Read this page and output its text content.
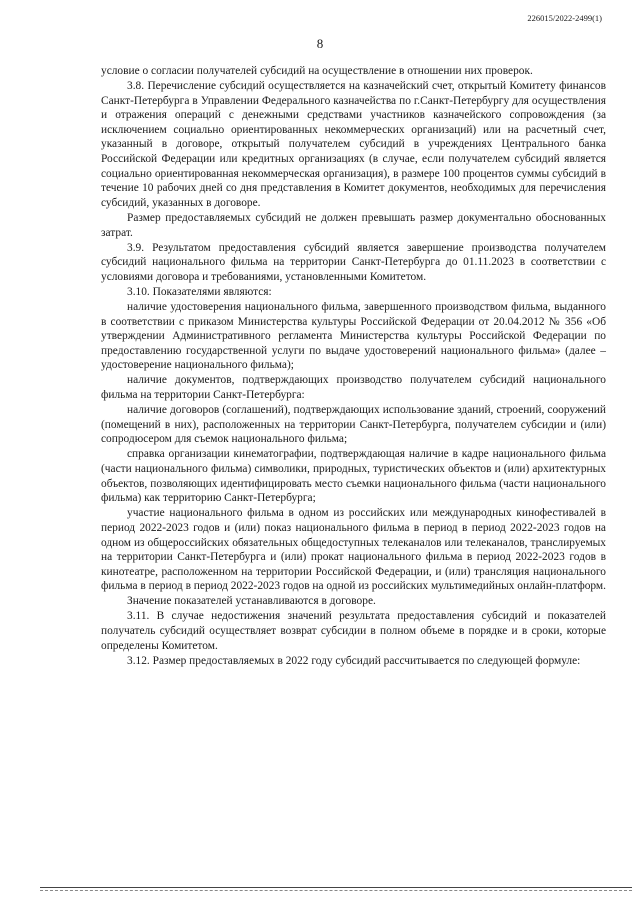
226015/2022-2499(1)
8

условие о согласии получателей субсидий на осуществление в отношении них проверок.

3.8. Перечисление субсидий осуществляется на казначейский счет, открытый Комитету финансов Санкт-Петербурга в Управлении Федерального казначейства по г.Санкт-Петербургу для осуществления и отражения операций с денежными средствами участников казначейского сопровождения (за исключением социально ориентированных некоммерческих организаций) или на расчетный счет, указанный в договоре, открытый получателем субсидий в учреждениях Центрального банка Российской Федерации или кредитных организациях (в случае, если получателем субсидий является социально ориентированная некоммерческая организация), в размере 100 процентов суммы субсидий в течение 10 рабочих дней со дня представления в Комитет документов, необходимых для перечисления субсидий, указанных в договоре.

Размер предоставляемых субсидий не должен превышать размер документально обоснованных затрат.

3.9. Результатом предоставления субсидий является завершение производства получателем субсидий национального фильма на территории Санкт-Петербурга до 01.11.2023 в соответствии с условиями договора и требованиями, установленными Комитетом.

3.10. Показателями являются:

наличие удостоверения национального фильма, завершенного производством фильма, выданного в соответствии с приказом Министерства культуры Российской Федерации от 20.04.2012 № 356 «Об утверждении Административного регламента Министерства культуры Российской Федерации по предоставлению государственной услуги по выдаче удостоверений национального фильма» (далее – удостоверение национального фильма);

наличие документов, подтверждающих производство получателем субсидий национального фильма на территории Санкт-Петербурга:

наличие договоров (соглашений), подтверждающих использование зданий, строений, сооружений (помещений в них), расположенных на территории Санкт-Петербурга, получателем субсидии и (или) сопродюсером для съемок национального фильма;

справка организации кинематографии, подтверждающая наличие в кадре национального фильма (части национального фильма) символики, природных, туристических объектов и (или) архитектурных объектов, позволяющих идентифицировать место съемки национального фильма (части национального фильма) как территорию Санкт-Петербурга;

участие национального фильма в одном из российских или международных кинофестивалей в период 2022-2023 годов и (или) показ национального фильма в период в период 2022-2023 годов на одном из общероссийских обязательных общедоступных телеканалов или телеканалов, транслируемых на территории Санкт-Петербурга и (или) прокат национального фильма в период 2022-2023 годов в кинотеатре, расположенном на территории Российской Федерации, и (или) трансляция национального фильма в период в период 2022-2023 годов на одной из российских мультимедийных онлайн-платформ.

Значение показателей устанавливаются в договоре.

3.11. В случае недостижения значений результата предоставления субсидий и показателей получатель субсидий осуществляет возврат субсидии в полном объеме в порядке и в сроки, которые определены Комитетом.

3.12. Размер предоставляемых в 2022 году субсидий рассчитывается по следующей формуле:
